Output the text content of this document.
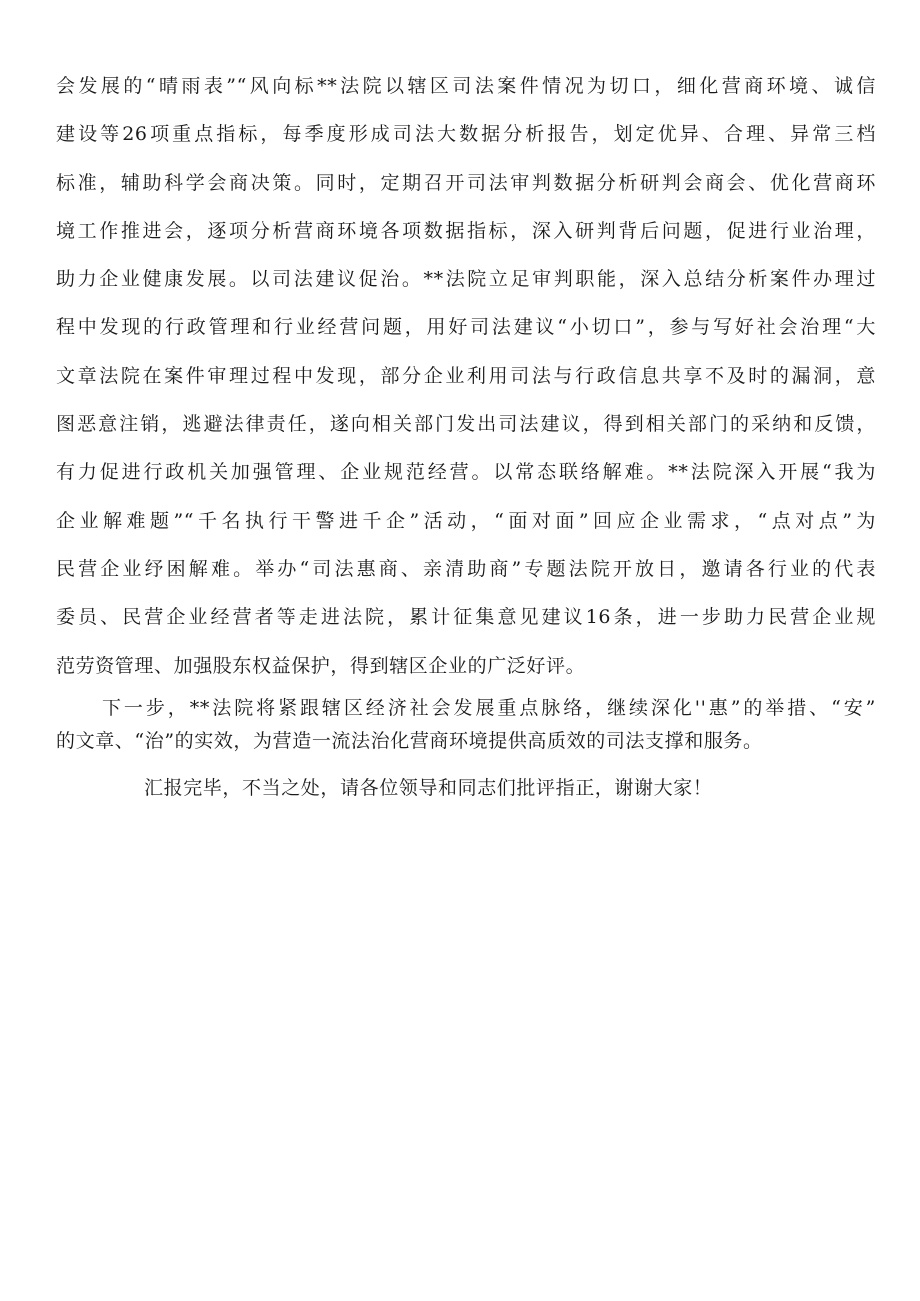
会发展的“晴雨表”“风向标**法院以辖区司法案件情况为切口，细化营商环境、诚信
建设等26项重点指标，每季度形成司法大数据分析报告，划定优异、合理、异常三档
标准，辅助科学会商决策。同时，定期召开司法审判数据分析研判会商会、优化营商环
境工作推进会，逐项分析营商环境各项数据指标，深入研判背后问题，促进行业治理，
助力企业健康发展。以司法建议促治。**法院立足审判职能，深入总结分析案件办理过
程中发现的行政管理和行业经营问题，用好司法建议“小切口”，参与写好社会治理“大
文章法院在案件审理过程中发现，部分企业利用司法与行政信息共享不及时的漏洞，意
图恶意注销，逃避法律责任，遂向相关部门发出司法建议，得到相关部门的采纳和反馈，
有力促进行政机关加强管理、企业规范经营。以常态联络解难。**法院深入开展“我为
企业解难题”“千名执行干警进千企”活动，“面对面”回应企业需求，“点对点”为
民营企业纾困解难。举办“司法惠商、亲清助商”专题法院开放日，邀请各行业的代表
委员、民营企业经营者等走进法院，累计征集意见建议16条，进一步助力民营企业规
范劳资管理、加强股东权益保护，得到辖区企业的广泛好评。

下一步，**法院将紧跟辖区经济社会发展重点脉络，继续深化''惠”的举措、“安”
的文章、“治”的实效，为营造一流法治化营商环境提供高质效的司法支撑和服务。

汇报完毕，不当之处，请各位领导和同志们批评指正，谢谢大家！
